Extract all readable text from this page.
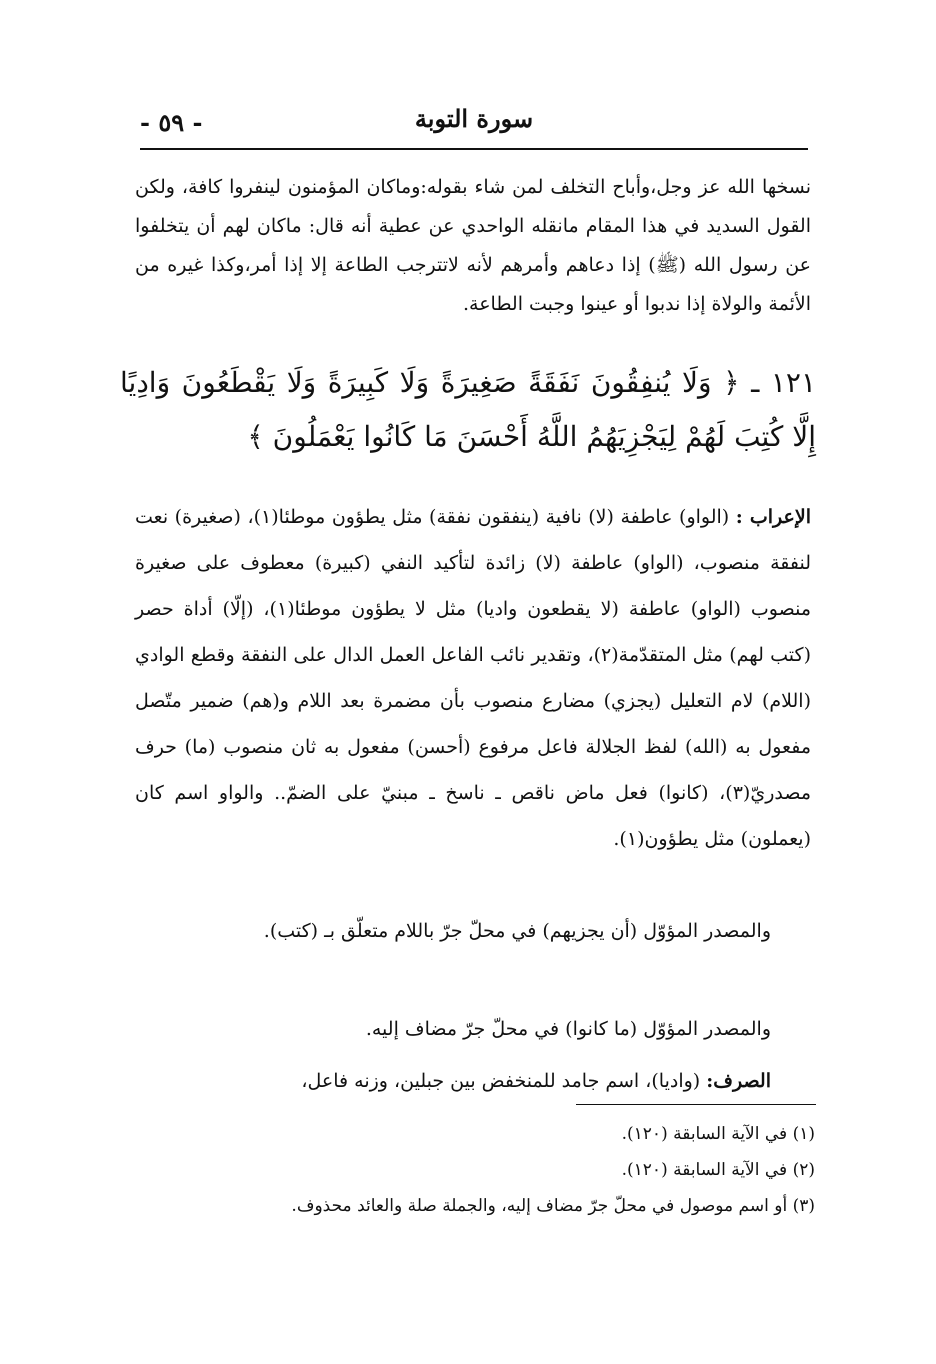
سورة التوبة
- ٥٩ -
نسخها الله عز وجل،وأباح التخلف لمن شاء بقوله:وماكان المؤمنون لينفروا كافة، ولكن القول السديد في هذا المقام مانقله الواحدي عن عطية أنه قال: ماكان لهم أن يتخلفوا عن رسول الله (ﷺ) إذا دعاهم وأمرهم لأنه لاتترجب الطاعة إلا إذا أمر،وكذا غيره من الأئمة والولاة إذا ندبوا أو عينوا وجبت الطاعة.
١٢١ ـ ﴿ وَلَا يُنفِقُونَ نَفَقَةً صَغِيرَةً وَلَا كَبِيرَةً وَلَا يَقْطَعُونَ وَادِيًا إِلَّا كُتِبَ لَهُمْ لِيَجْزِيَهُمُ اللَّهُ أَحْسَنَ مَا كَانُوا يَعْمَلُونَ ﴾
الإعراب : (الواو) عاطفة (لا) نافية (ينفقون نفقة) مثل يطؤون موطئا(١)، (صغيرة) نعت لنفقة منصوب، (الواو) عاطفة (لا) زائدة لتأكيد النفي (كبيرة) معطوف على صغيرة منصوب (الواو) عاطفة (لا يقطعون واديا) مثل لا يطؤون موطئا(١)، (إلّا) أداة حصر (كتب لهم) مثل المتقدّمة(٢)، وتقدير نائب الفاعل العمل الدال على النفقة وقطع الوادي (اللام) لام التعليل (يجزي) مضارع منصوب بأن مضمرة بعد اللام و(هم) ضمير متّصل مفعول به (الله) لفظ الجلالة فاعل مرفوع (أحسن) مفعول به ثان منصوب (ما) حرف مصدريّ(٣)، (كانوا) فعل ماض ناقص ـ ناسخ ـ مبنيّ على الضمّ.. والواو اسم كان (يعملون) مثل يطؤون(١).
والمصدر المؤوّل (أن يجزيهم) في محلّ جرّ باللام متعلّق بـ (كتب).
والمصدر المؤوّل (ما كانوا) في محلّ جرّ مضاف إليه.
الصرف: (واديا)، اسم جامد للمنخفض بين جبلين، وزنه فاعل،
(١) في الآية السابقة (١٢٠).
(٢) في الآية السابقة (١٢٠).
(٣) أو اسم موصول في محلّ جرّ مضاف إليه، والجملة صلة والعائد محذوف.
